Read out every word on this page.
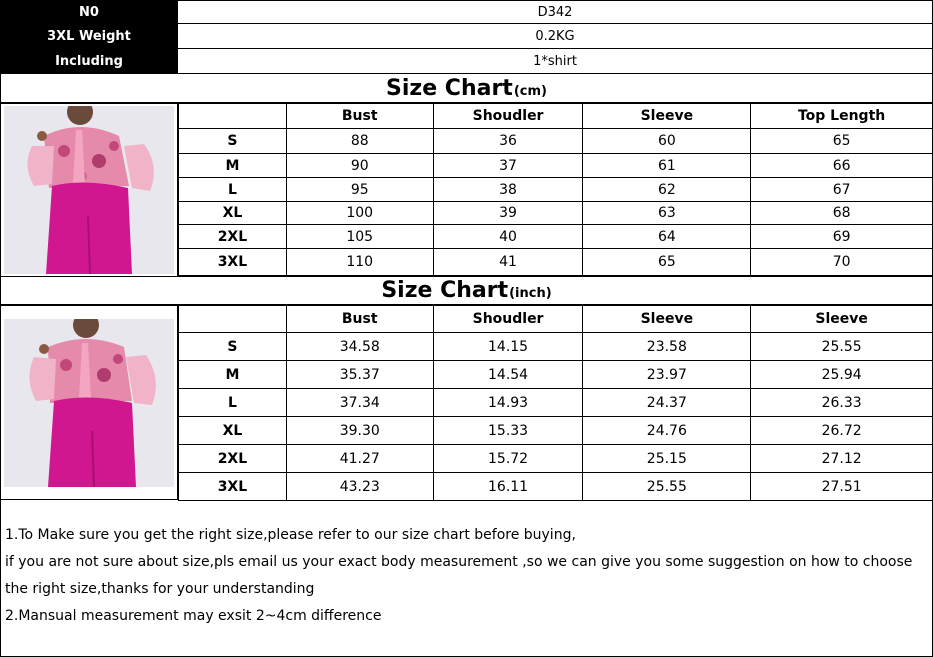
N0	D342
3XL Weight	0.2KG
Including	1*shirt
Size Chart (cm)
	Bust	Shoudler	Sleeve	Top Length
S	88	36	60	65
M	90	37	61	66
L	95	38	62	67
XL	100	39	63	68
2XL	105	40	64	69
3XL	110	41	65	70
Size Chart (inch)
	Bust	Shoudler	Sleeve	Sleeve
S	34.58	14.15	23.58	25.55
M	35.37	14.54	23.97	25.94
L	37.34	14.93	24.37	26.33
XL	39.30	15.33	24.76	26.72
2XL	41.27	15.72	25.15	27.12
3XL	43.23	16.11	25.55	27.51

1.To Make sure you get the right size,please refer to our size chart before buying,

if you are not sure about size,pls email us your exact body measurement ,so we can give you some suggestion on how to choose the right size,thanks for your understanding

2.Mansual measurement may exsit 2~4cm difference
